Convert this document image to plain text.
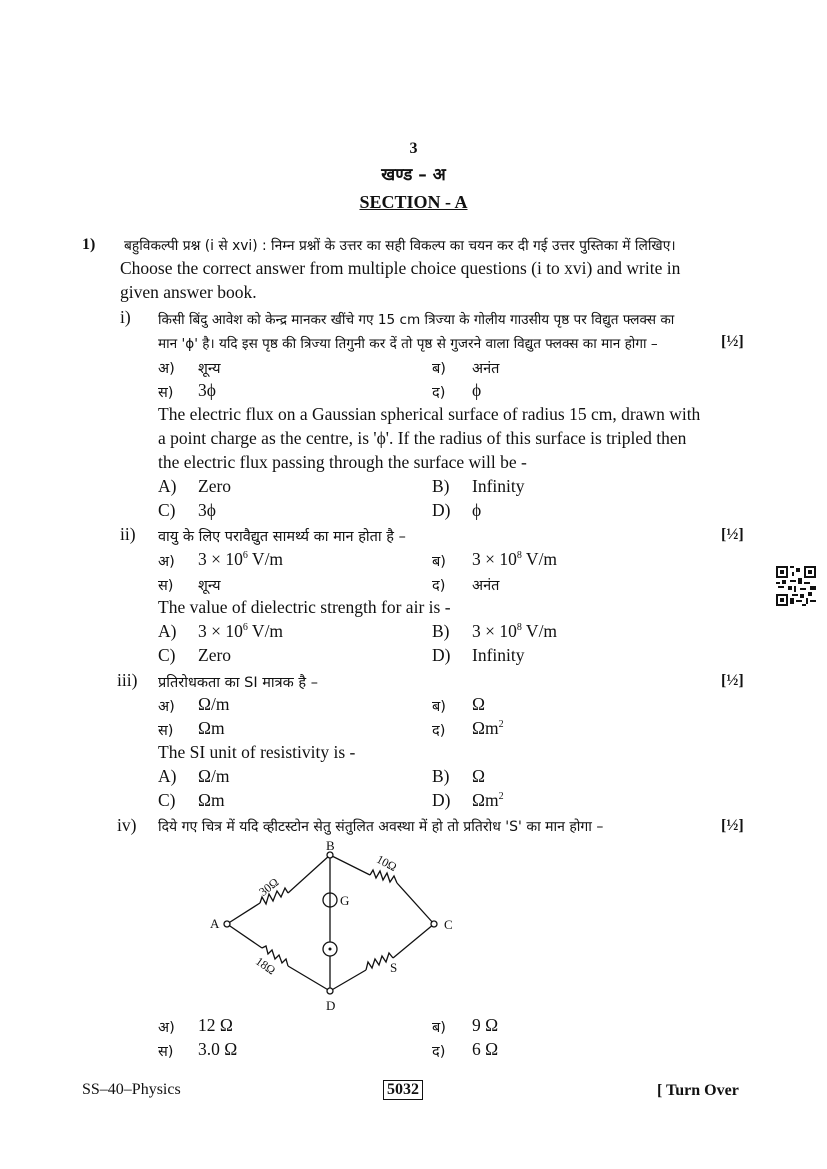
3
खण्ड – अ
SECTION - A
1) बहुविकल्पी प्रश्न (i से xvi) : निम्न प्रश्नों के उत्तर का सही विकल्प का चयन कर दी गई उत्तर पुस्तिका में लिखिए।
Choose the correct answer from multiple choice questions (i to xvi) and write in
given answer book.
i) किसी बिंदु आवेश को केन्द्र मानकर खींचे गए 15 cm त्रिज्या के गोलीय गाउसीय पृष्ठ पर विद्युत फ्लक्स का
मान 'ϕ' है। यदि इस पृष्ठ की त्रिज्या तिगुनी कर दें तो पृष्ठ से गुजरने वाला विद्युत फ्लक्स का मान होगा –	[½]
अ) शून्य	ब) अनंत
स) 3ϕ	द) ϕ
The electric flux on a Gaussian spherical surface of radius 15 cm, drawn with
a point charge as the centre, is 'ϕ'. If the radius of this surface is tripled then
the electric flux passing through the surface will be -
A) Zero	B) Infinity
C) 3ϕ	D) ϕ
ii) वायु के लिए परावैद्युत सामर्थ्य का मान होता है –	[½]
अ) $3 \times 10^6$ V/m	ब) $3 \times 10^8$ V/m
स) शून्य	द) अनंत
The value of dielectric strength for air is -
A) $3 \times 10^6$ V/m	B) $3 \times 10^8$ V/m
C) Zero	D) Infinity
iii) प्रतिरोधकता का SI मात्रक है –	[½]
अ) Ω/m	ब) Ω
स) Ωm	द) $\Omega m^2$
The SI unit of resistivity is -
A) Ω/m	B) Ω
C) Ωm	D) $\Omega m^2$
iv) दिये गए चित्र में यदि व्हीटस्टोन सेतु संतुलित अवस्था में हो तो प्रतिरोध 'S' का मान होगा –	[½]
A
B
C
D
G
S
30Ω
10Ω
18Ω
अ) 12 Ω	ब) 9 Ω
स) 3.0 Ω	द) 6 Ω
SS–40–Physics	5032	[ Turn Over
